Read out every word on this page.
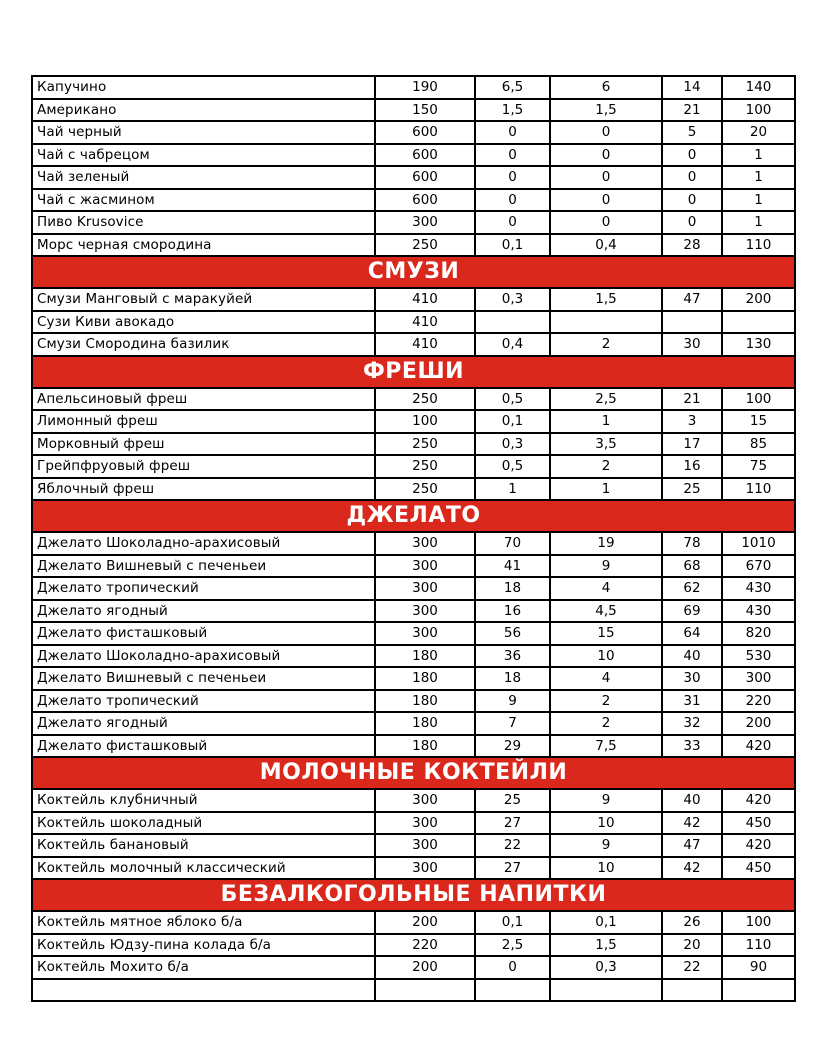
Капучино	190	6,5	6	14	140
Американо	150	1,5	1,5	21	100
Чай черный	600	0	0	5	20
Чай с чабрецом	600	0	0	0	1
Чай зеленый	600	0	0	0	1
Чай с жасмином	600	0	0	0	1
Пиво Krusovice	300	0	0	0	1
Морс черная смородина	250	0,1	0,4	28	110
СМУЗИ					
Смузи Манговый с маракуйей	410	0,3	1,5	47	200
Сузи Киви авокадо	410				
Смузи Смородина базилик	410	0,4	2	30	130
ФРЕШИ					
Апельсиновый фреш	250	0,5	2,5	21	100
Лимонный фреш	100	0,1	1	3	15
Морковный фреш	250	0,3	3,5	17	85
Грейпфруовый фреш	250	0,5	2	16	75
Яблочный фреш	250	1	1	25	110
ДЖЕЛАТО					
Джелато Шоколадно-арахисовый	300	70	19	78	1010
Джелато Вишневый с печеньеи	300	41	9	68	670
Джелато тропический	300	18	4	62	430
Джелато ягодный	300	16	4,5	69	430
Джелато фисташковый	300	56	15	64	820
Джелато Шоколадно-арахисовый	180	36	10	40	530
Джелато Вишневый с печеньеи	180	18	4	30	300
Джелато тропический	180	9	2	31	220
Джелато ягодный	180	7	2	32	200
Джелато фисташковый	180	29	7,5	33	420
МОЛОЧНЫЕ КОКТЕЙЛИ					
Коктейль клубничный	300	25	9	40	420
Коктейль шоколадный	300	27	10	42	450
Коктейль банановый	300	22	9	47	420
Коктейль молочный классический	300	27	10	42	450
БЕЗАЛКОГОЛЬНЫЕ НАПИТКИ					
Коктейль мятное яблоко б/а	200	0,1	0,1	26	100
Коктейль Юдзу-пина колада б/а	220	2,5	1,5	20	110
Коктейль Мохито б/а	200	0	0,3	22	90
